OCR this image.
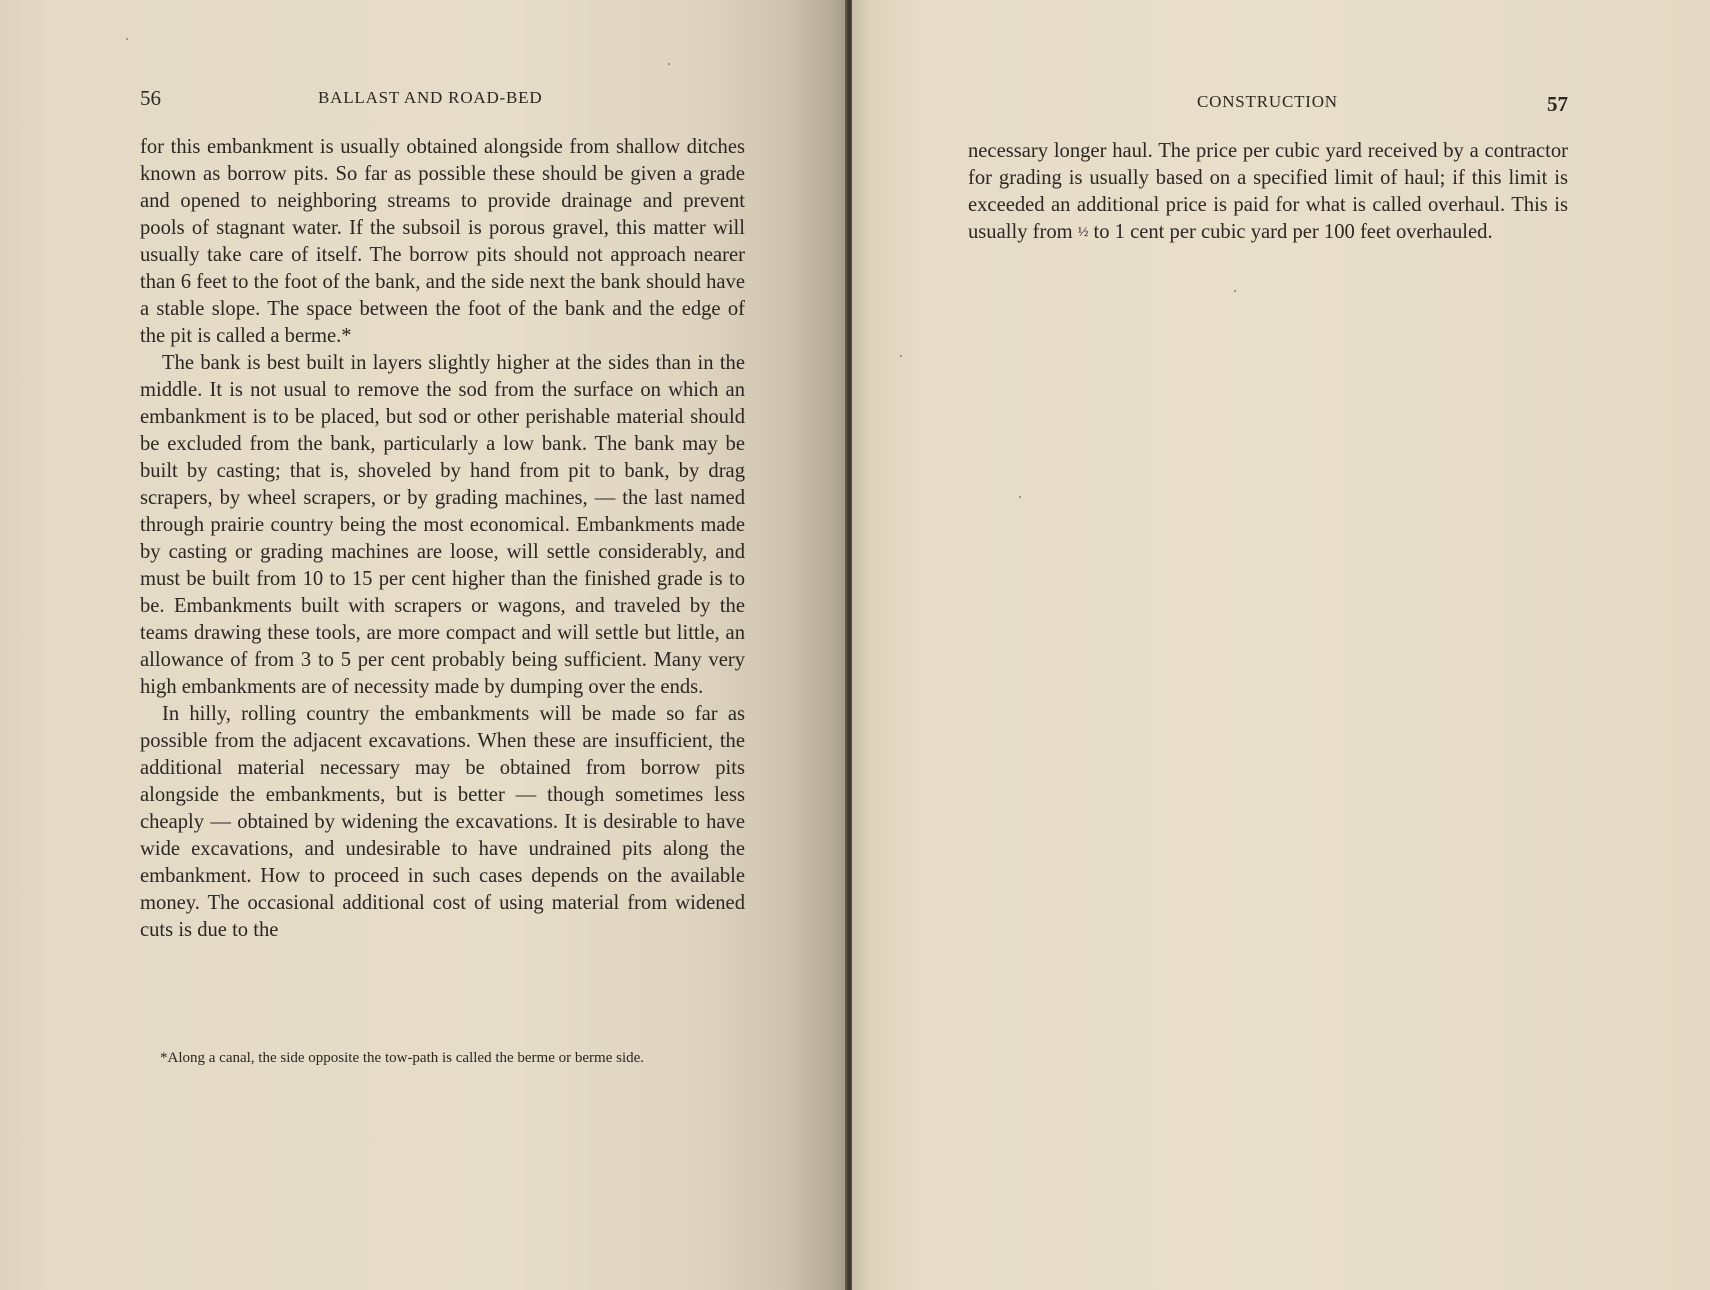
56	BALLAST AND ROAD-BED

for this embankment is usually obtained alongside from shallow ditches known as borrow pits. So far as possible these should be given a grade and opened to neighboring streams to provide drainage and prevent pools of stagnant water. If the subsoil is porous gravel, this matter will usually take care of itself. The borrow pits should not approach nearer than 6 feet to the foot of the bank, and the side next the bank should have a stable slope. The space between the foot of the bank and the edge of the pit is called a berme.*

The bank is best built in layers slightly higher at the sides than in the middle. It is not usual to remove the sod from the surface on which an embankment is to be placed, but sod or other perishable material should be excluded from the bank, particularly a low bank. The bank may be built by casting; that is, shoveled by hand from pit to bank, by drag scrapers, by wheel scrapers, or by grading machines, — the last named through prairie country being the most economical. Embankments made by casting or grading machines are loose, will settle considerably, and must be built from 10 to 15 per cent higher than the finished grade is to be. Embankments built with scrapers or wagons, and traveled by the teams drawing these tools, are more compact and will settle but little, an allowance of from 3 to 5 per cent probably being sufficient. Many very high embankments are of necessity made by dumping over the ends.

In hilly, rolling country the embankments will be made so far as possible from the adjacent excavations. When these are insufficient, the additional material necessary may be obtained from borrow pits alongside the embankments, but is better — though sometimes less cheaply — obtained by widening the excavations. It is desirable to have wide excavations, and undesirable to have undrained pits along the embankment. How to proceed in such cases depends on the available money. The occasional additional cost of using material from widened cuts is due to the

*Along a canal, the side opposite the tow-path is called the berme or berme side.

CONSTRUCTION	57

necessary longer haul. The price per cubic yard received by a contractor for grading is usually based on a specified limit of haul; if this limit is exceeded an additional price is paid for what is called overhaul. This is usually from ½ to 1 cent per cubic yard per 100 feet overhauled.
